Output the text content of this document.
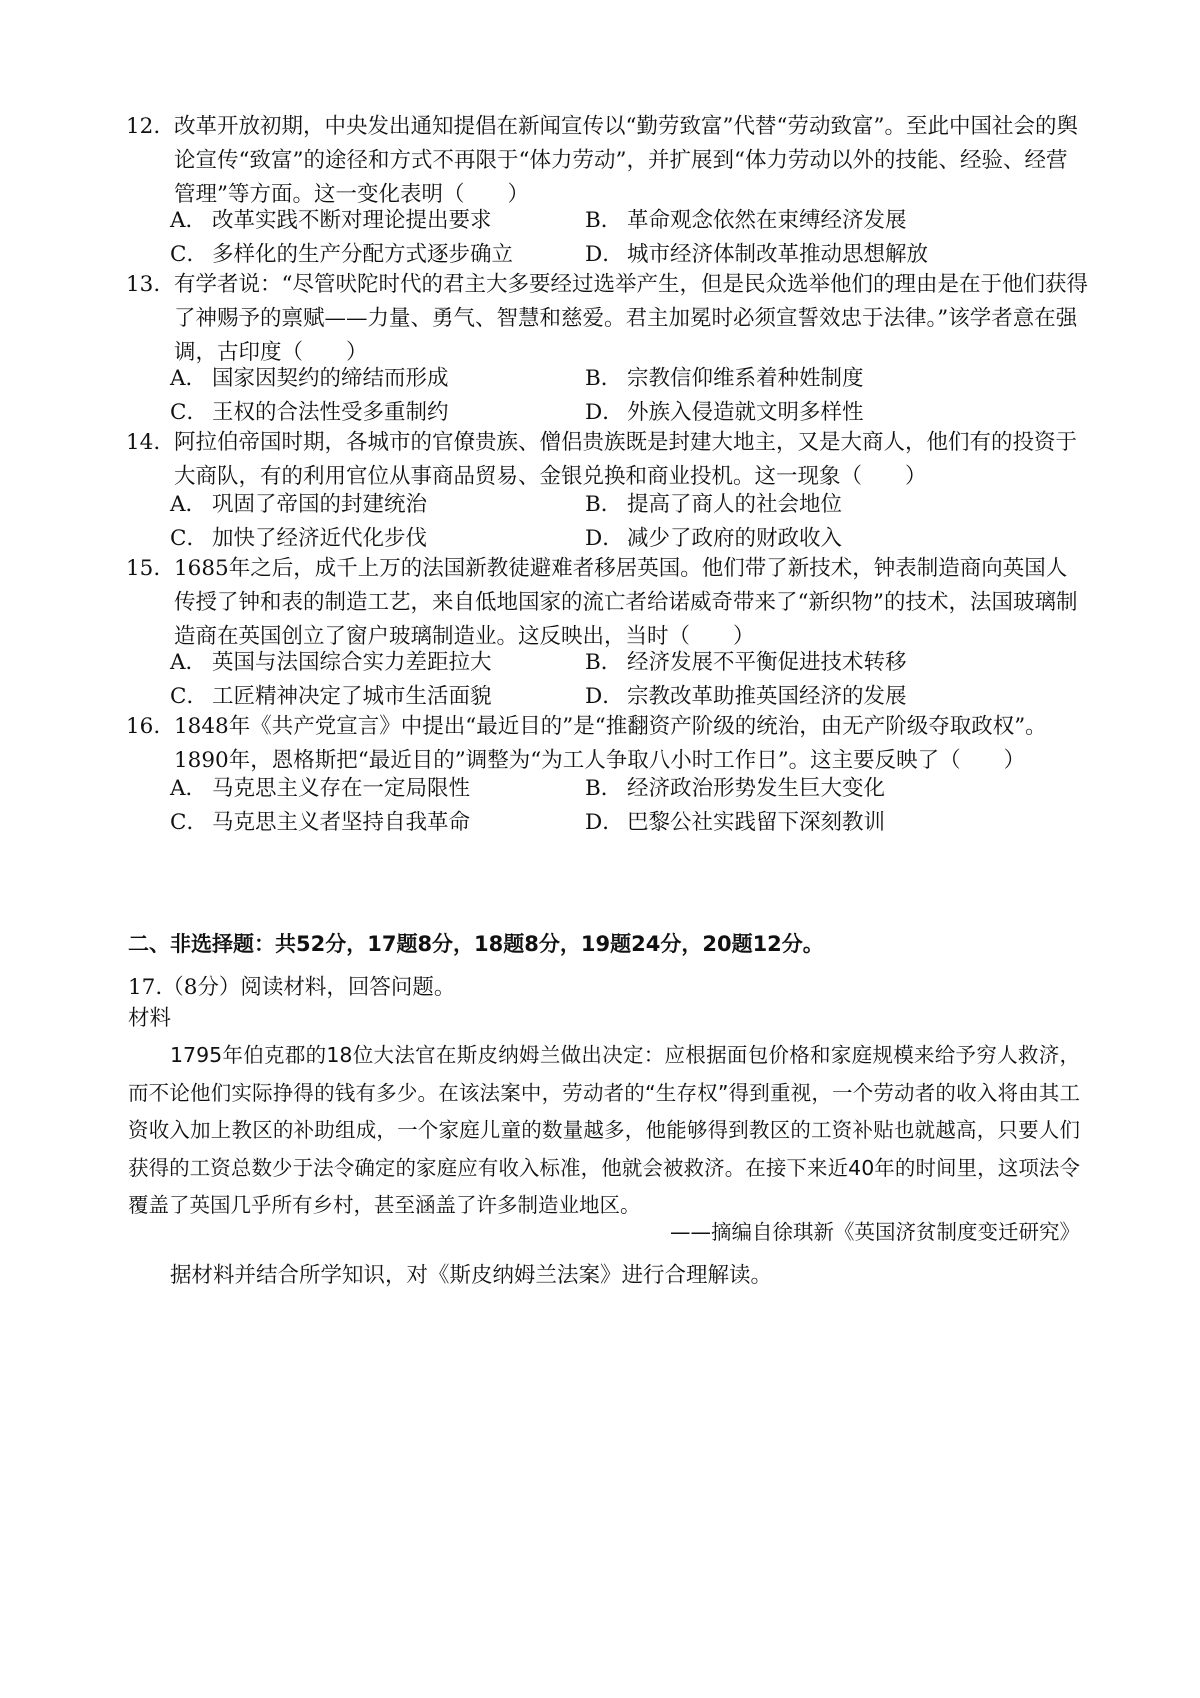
12. 改革开放初期，中央发出通知提倡在新闻宣传以“勤劳致富”代替“劳动致富”。至此中国社会的舆论宣传“致富”的途径和方式不再限于“体力劳动”，并扩展到“体力劳动以外的技能、经验、经营管理”等方面。这一变化表明（　　）
A． 改革实践不断对理论提出要求	B． 革命观念依然在束缚经济发展
C． 多样化的生产分配方式逐步确立	D． 城市经济体制改革推动思想解放
13. 有学者说：“尽管吠陀时代的君主大多要经过选举产生，但是民众选举他们的理由是在于他们获得了神赐予的禀赋——力量、勇气、智慧和慈爱。君主加冕时必须宣誓效忠于法律。”该学者意在强调，古印度（　　）
A． 国家因契约的缔结而形成	B． 宗教信仰维系着种姓制度
C． 王权的合法性受多重制约	D． 外族入侵造就文明多样性
14. 阿拉伯帝国时期，各城市的官僚贵族、僧侣贵族既是封建大地主，又是大商人，他们有的投资于大商队，有的利用官位从事商品贸易、金银兑换和商业投机。这一现象（　　）
A． 巩固了帝国的封建统治	B． 提高了商人的社会地位
C． 加快了经济近代化步伐	D． 减少了政府的财政收入
15. 1685年之后，成千上万的法国新教徒避难者移居英国。他们带了新技术，钟表制造商向英国人传授了钟和表的制造工艺，来自低地国家的流亡者给诺威奇带来了“新织物”的技术，法国玻璃制造商在英国创立了窗户玻璃制造业。这反映出，当时（　　）
A． 英国与法国综合实力差距拉大	B． 经济发展不平衡促进技术转移
C． 工匠精神决定了城市生活面貌	D． 宗教改革助推英国经济的发展
16. 1848年《共产党宣言》中提出“最近目的”是“推翻资产阶级的统治，由无产阶级夺取政权”。1890年，恩格斯把“最近目的”调整为“为工人争取八小时工作日”。这主要反映了（　　）
A． 马克思主义存在一定局限性	B． 经济政治形势发生巨大变化
C． 马克思主义者坚持自我革命	D． 巴黎公社实践留下深刻教训
二、非选择题：共52分，17题8分，18题8分，19题24分，20题12分。
17.（8分）阅读材料，回答问题。
材料

1795年伯克郡的18位大法官在斯皮纳姆兰做出决定：应根据面包价格和家庭规模来给予穷人救济，而不论他们实际挣得的钱有多少。在该法案中，劳动者的“生存权”得到重视，一个劳动者的收入将由其工资收入加上教区的补助组成，一个家庭儿童的数量越多，他能够得到教区的工资补贴也就越高，只要人们获得的工资总数少于法令确定的家庭应有收入标准，他就会被救济。在接下来近40年的时间里，这项法令覆盖了英国几乎所有乡村，甚至涵盖了许多制造业地区。

——摘编自徐琪新《英国济贫制度变迁研究》
据材料并结合所学知识，对《斯皮纳姆兰法案》进行合理解读。
